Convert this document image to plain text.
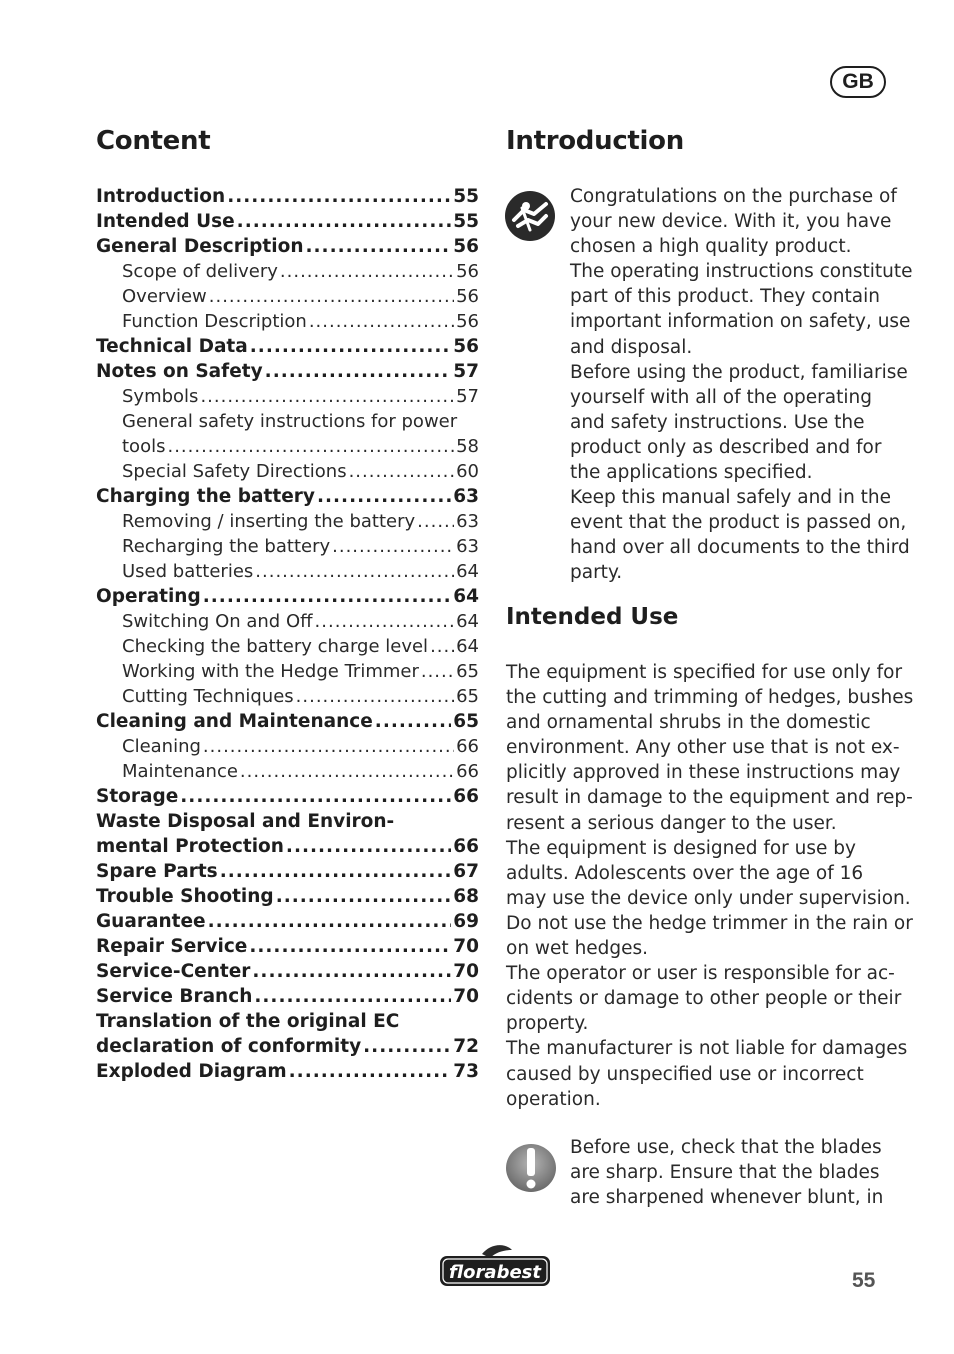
GB
Content
Introduction .....	55
Intended Use .....	55
General Description .....	56
Scope of delivery .....	56
Overview .....	56
Function Description .....	56
Technical Data .....	56
Notes on Safety .....	57
Symbols .....	57
General safety instructions for power
tools .....	58
Special Safety Directions .....	60
Charging the battery .....	63
Removing / inserting the battery ..... 63
Recharging the battery .....	63
Used batteries .....	64
Operating .....	64
Switching On and Off .....	64
Checking the battery charge level ..... 64
Working with the Hedge Trimmer ..... 65
Cutting Techniques .....	65
Cleaning and Maintenance .....	65
Cleaning .....	66
Maintenance .....	66
Storage .....	66
Waste Disposal and Environ-
mental Protection .....	66
Spare Parts .....	67
Trouble Shooting .....	68
Guarantee .....	69
Repair Service .....	70
Service-Center .....	70
Service Branch .....	70
Translation of the original EC
declaration of conformity .....	72
Exploded Diagram .....	73
Introduction
Congratulations on the purchase of
your new device. With it, you have
chosen a high quality product.
The operating instructions constitute
part of this product. They contain
important information on safety, use
and disposal.
Before using the product, familiarise
yourself with all of the operating
and safety instructions. Use the
product only as described and for
the applications specified.
Keep this manual safely and in the
event that the product is passed on,
hand over all documents to the third
party.
Intended Use
The equipment is specified for use only for
the cutting and trimming of hedges, bushes
and ornamental shrubs in the domestic
environment. Any other use that is not ex-
plicitly approved in these instructions may
result in damage to the equipment and rep-
resent a serious danger to the user.
The equipment is designed for use by
adults. Adolescents over the age of 16
may use the device only under supervision.
Do not use the hedge trimmer in the rain or
on wet hedges.
The operator or user is responsible for ac-
cidents or damage to other people or their
property.
The manufacturer is not liable for damages
caused by unspecified use or incorrect
operation.
Before use, check that the blades
are sharp. Ensure that the blades
are sharpened whenever blunt, in
florabest	55
